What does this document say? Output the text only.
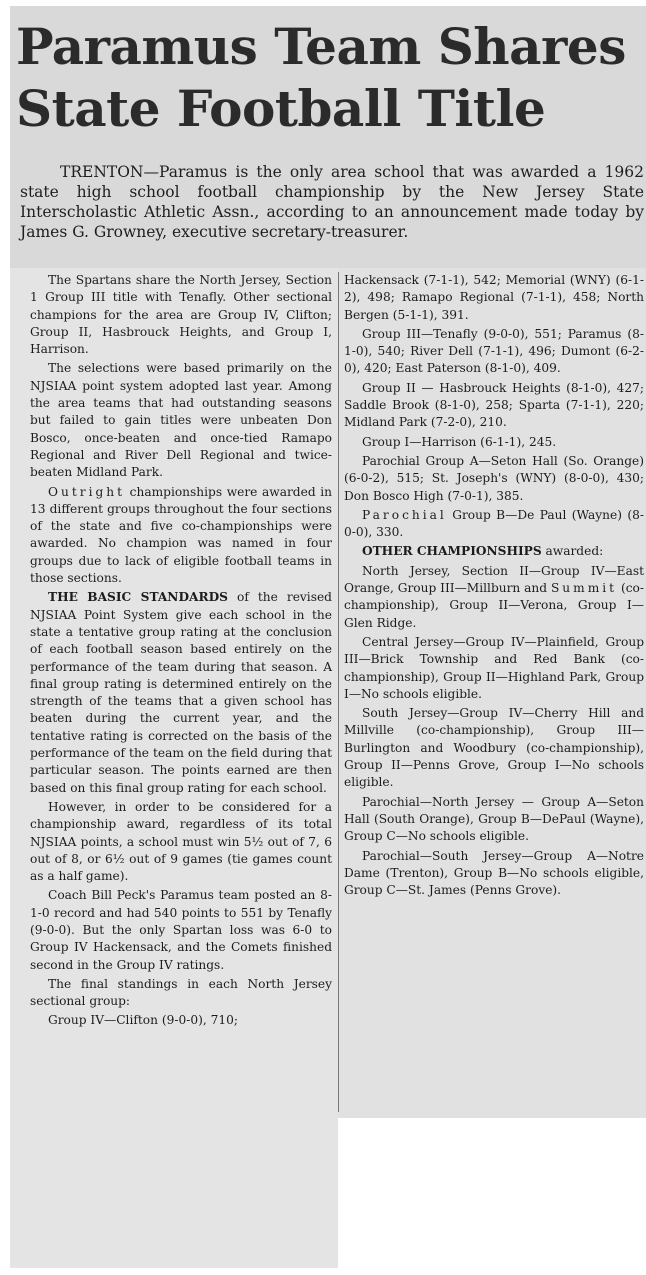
Paramus Team Shares
State Football Title

TRENTON—Paramus is the only area school that was awarded a 1962 state high school football championship by the New Jersey State Interscholastic Athletic Assn., according to an announcement made today by James G. Growney, executive secretary-treasurer.

The Spartans share the North Jersey, Section 1 Group III title with Tenafly. Other sectional champions for the area are Group IV, Clifton; Group II, Hasbrouck Heights, and Group I, Harrison.

The selections were based primarily on the NJSIAA point system adopted last year. Among the area teams that had outstanding seasons but failed to gain titles were unbeaten Don Bosco, once-beaten and once-tied Ramapo Regional and River Dell Regional and twice-beaten Midland Park.

Outright championships were awarded in 13 different groups throughout the four sections of the state and five co-championships were awarded. No champion was named in four groups due to lack of eligible football teams in those sections.

THE BASIC STANDARDS of the revised NJSIAA Point System give each school in the state a tentative group rating at the conclusion of each football season based entirely on the performance of the team during that season. A final group rating is determined entirely on the strength of the teams that a given school has beaten during the current year, and the tentative rating is corrected on the basis of the performance of the team on the field during that particular season. The points earned are then based on this final group rating for each school.

However, in order to be considered for a championship award, regardless of its total NJSIAA points, a school must win 5½ out of 7, 6 out of 8, or 6½ out of 9 games (tie games count as a half game).

Coach Bill Peck's Paramus team posted an 8-1-0 record and had 540 points to 551 by Tenafly (9-0-0). But the only Spartan loss was 6-0 to Group IV Hackensack, and the Comets finished second in the Group IV ratings.

The final standings in each North Jersey sectional group:

Group IV—Clifton (9-0-0), 710;

Hackensack (7-1-1), 542; Memorial (WNY) (6-1-2), 498; Ramapo Regional (7-1-1), 458; North Bergen (5-1-1), 391.

Group III—Tenafly (9-0-0), 551; Paramus (8-1-0), 540; River Dell (7-1-1), 496; Dumont (6-2-0), 420; East Paterson (8-1-0), 409.

Group II — Hasbrouck Heights (8-1-0), 427; Saddle Brook (8-1-0), 258; Sparta (7-1-1), 220; Midland Park (7-2-0), 210.

Group I—Harrison (6-1-1), 245.

Parochial Group A—Seton Hall (So. Orange) (6-0-2), 515; St. Joseph's (WNY) (8-0-0), 430; Don Bosco High (7-0-1), 385.

Parochial Group B—De Paul (Wayne) (8-0-0), 330.

OTHER CHAMPIONSHIPS awarded:

North Jersey, Section II—Group IV—East Orange, Group III—Millburn and Summit (co-championship), Group II—Verona, Group I—Glen Ridge.

Central Jersey—Group IV—Plainfield, Group III—Brick Township and Red Bank (co-championship), Group II—Highland Park, Group I—No schools eligible.

South Jersey—Group IV—Cherry Hill and Millville (co-championship), Group III—Burlington and Woodbury (co-championship), Group II—Penns Grove, Group I—No schools eligible.

Parochial—North Jersey — Group A—Seton Hall (South Orange), Group B—DePaul (Wayne), Group C—No schools eligible.

Parochial—South Jersey—Group A—Notre Dame (Trenton), Group B—No schools eligible, Group C—St. James (Penns Grove).
